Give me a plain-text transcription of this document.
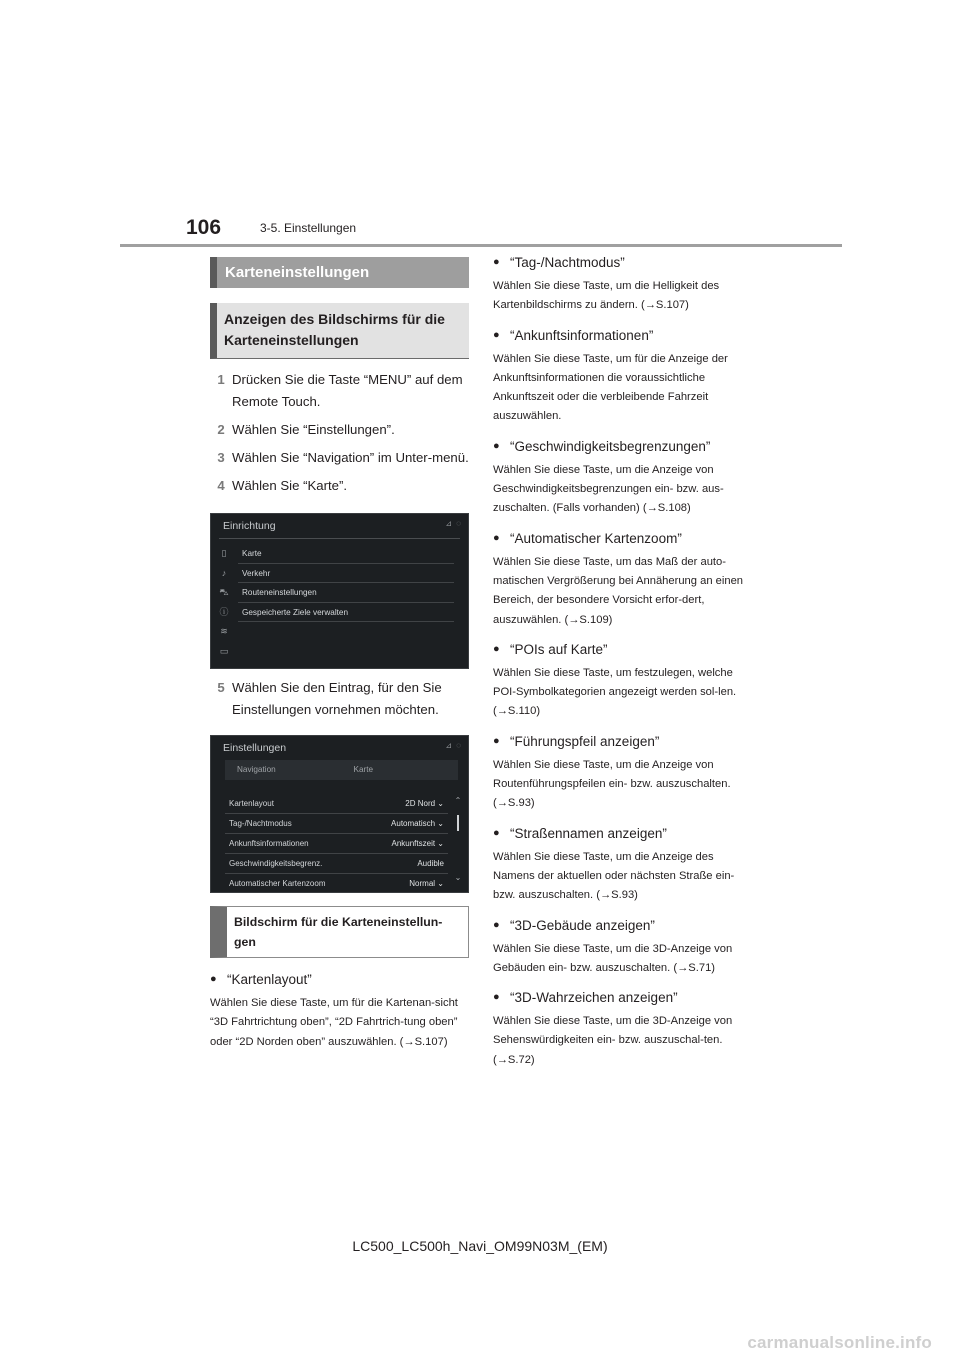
106	3-5. Einstellungen
Karteneinstellungen
Anzeigen des Bildschirms für die Karteneinstellungen
1 Drücken Sie die Taste “MENU” auf dem Remote Touch.
2 Wählen Sie “Einstellungen”.
3 Wählen Sie “Navigation” im Unter-menü.
4 Wählen Sie “Karte”.
Einrichtung	⊿ ◌
▯
♪
⛍
ⓘ
≋
▭
Karte
Verkehr
Routeneinstellungen
Gespeicherte Ziele verwalten
5 Wählen Sie den Eintrag, für den Sie Einstellungen vornehmen möchten.
Einstellungen	⊿ ◌
Navigation	Karte
Kartenlayout	2D Nord ⌄
Tag-/Nachtmodus	Automatisch ⌄
Ankunftsinformationen	Ankunftszeit ⌄
Geschwindigkeitsbegrenz.	Audible
Automatischer Kartenzoom	Normal ⌄
⌃
⌄
Bildschirm für die Karteneinstellun-gen
● “Kartenlayout”
Wählen Sie diese Taste, um für die Kartenan-sicht “3D Fahrtrichtung oben”, “2D Fahrtrich-tung oben” oder “2D Norden oben” auszuwählen. (→S.107)
● “Tag-/Nachtmodus”
Wählen Sie diese Taste, um die Helligkeit des Kartenbildschirms zu ändern. (→S.107)
● “Ankunftsinformationen”
Wählen Sie diese Taste, um für die Anzeige der Ankunftsinformationen die voraussichtliche Ankunftszeit oder die verbleibende Fahrzeit auszuwählen.
● “Geschwindigkeitsbegrenzungen”
Wählen Sie diese Taste, um die Anzeige von Geschwindigkeitsbegrenzungen ein- bzw. aus-zuschalten. (Falls vorhanden) (→S.108)
● “Automatischer Kartenzoom”
Wählen Sie diese Taste, um das Maß der auto-matischen Vergrößerung bei Annäherung an einen Bereich, der besondere Vorsicht erfor-dert, auszuwählen. (→S.109)
● “POIs auf Karte”
Wählen Sie diese Taste, um festzulegen, welche POI-Symbolkategorien angezeigt werden sol-len. (→S.110)
● “Führungspfeil anzeigen”
Wählen Sie diese Taste, um die Anzeige von Routenführungspfeilen ein- bzw. auszuschalten. (→S.93)
● “Straßennamen anzeigen”
Wählen Sie diese Taste, um die Anzeige des Namens der aktuellen oder nächsten Straße ein- bzw. auszuschalten. (→S.93)
● “3D-Gebäude anzeigen”
Wählen Sie diese Taste, um die 3D-Anzeige von Gebäuden ein- bzw. auszuschalten. (→S.71)
● “3D-Wahrzeichen anzeigen”
Wählen Sie diese Taste, um die 3D-Anzeige von Sehenswürdigkeiten ein- bzw. auszuschal-ten. (→S.72)
LC500_LC500h_Navi_OM99N03M_(EM)
carmanualsonline.info
